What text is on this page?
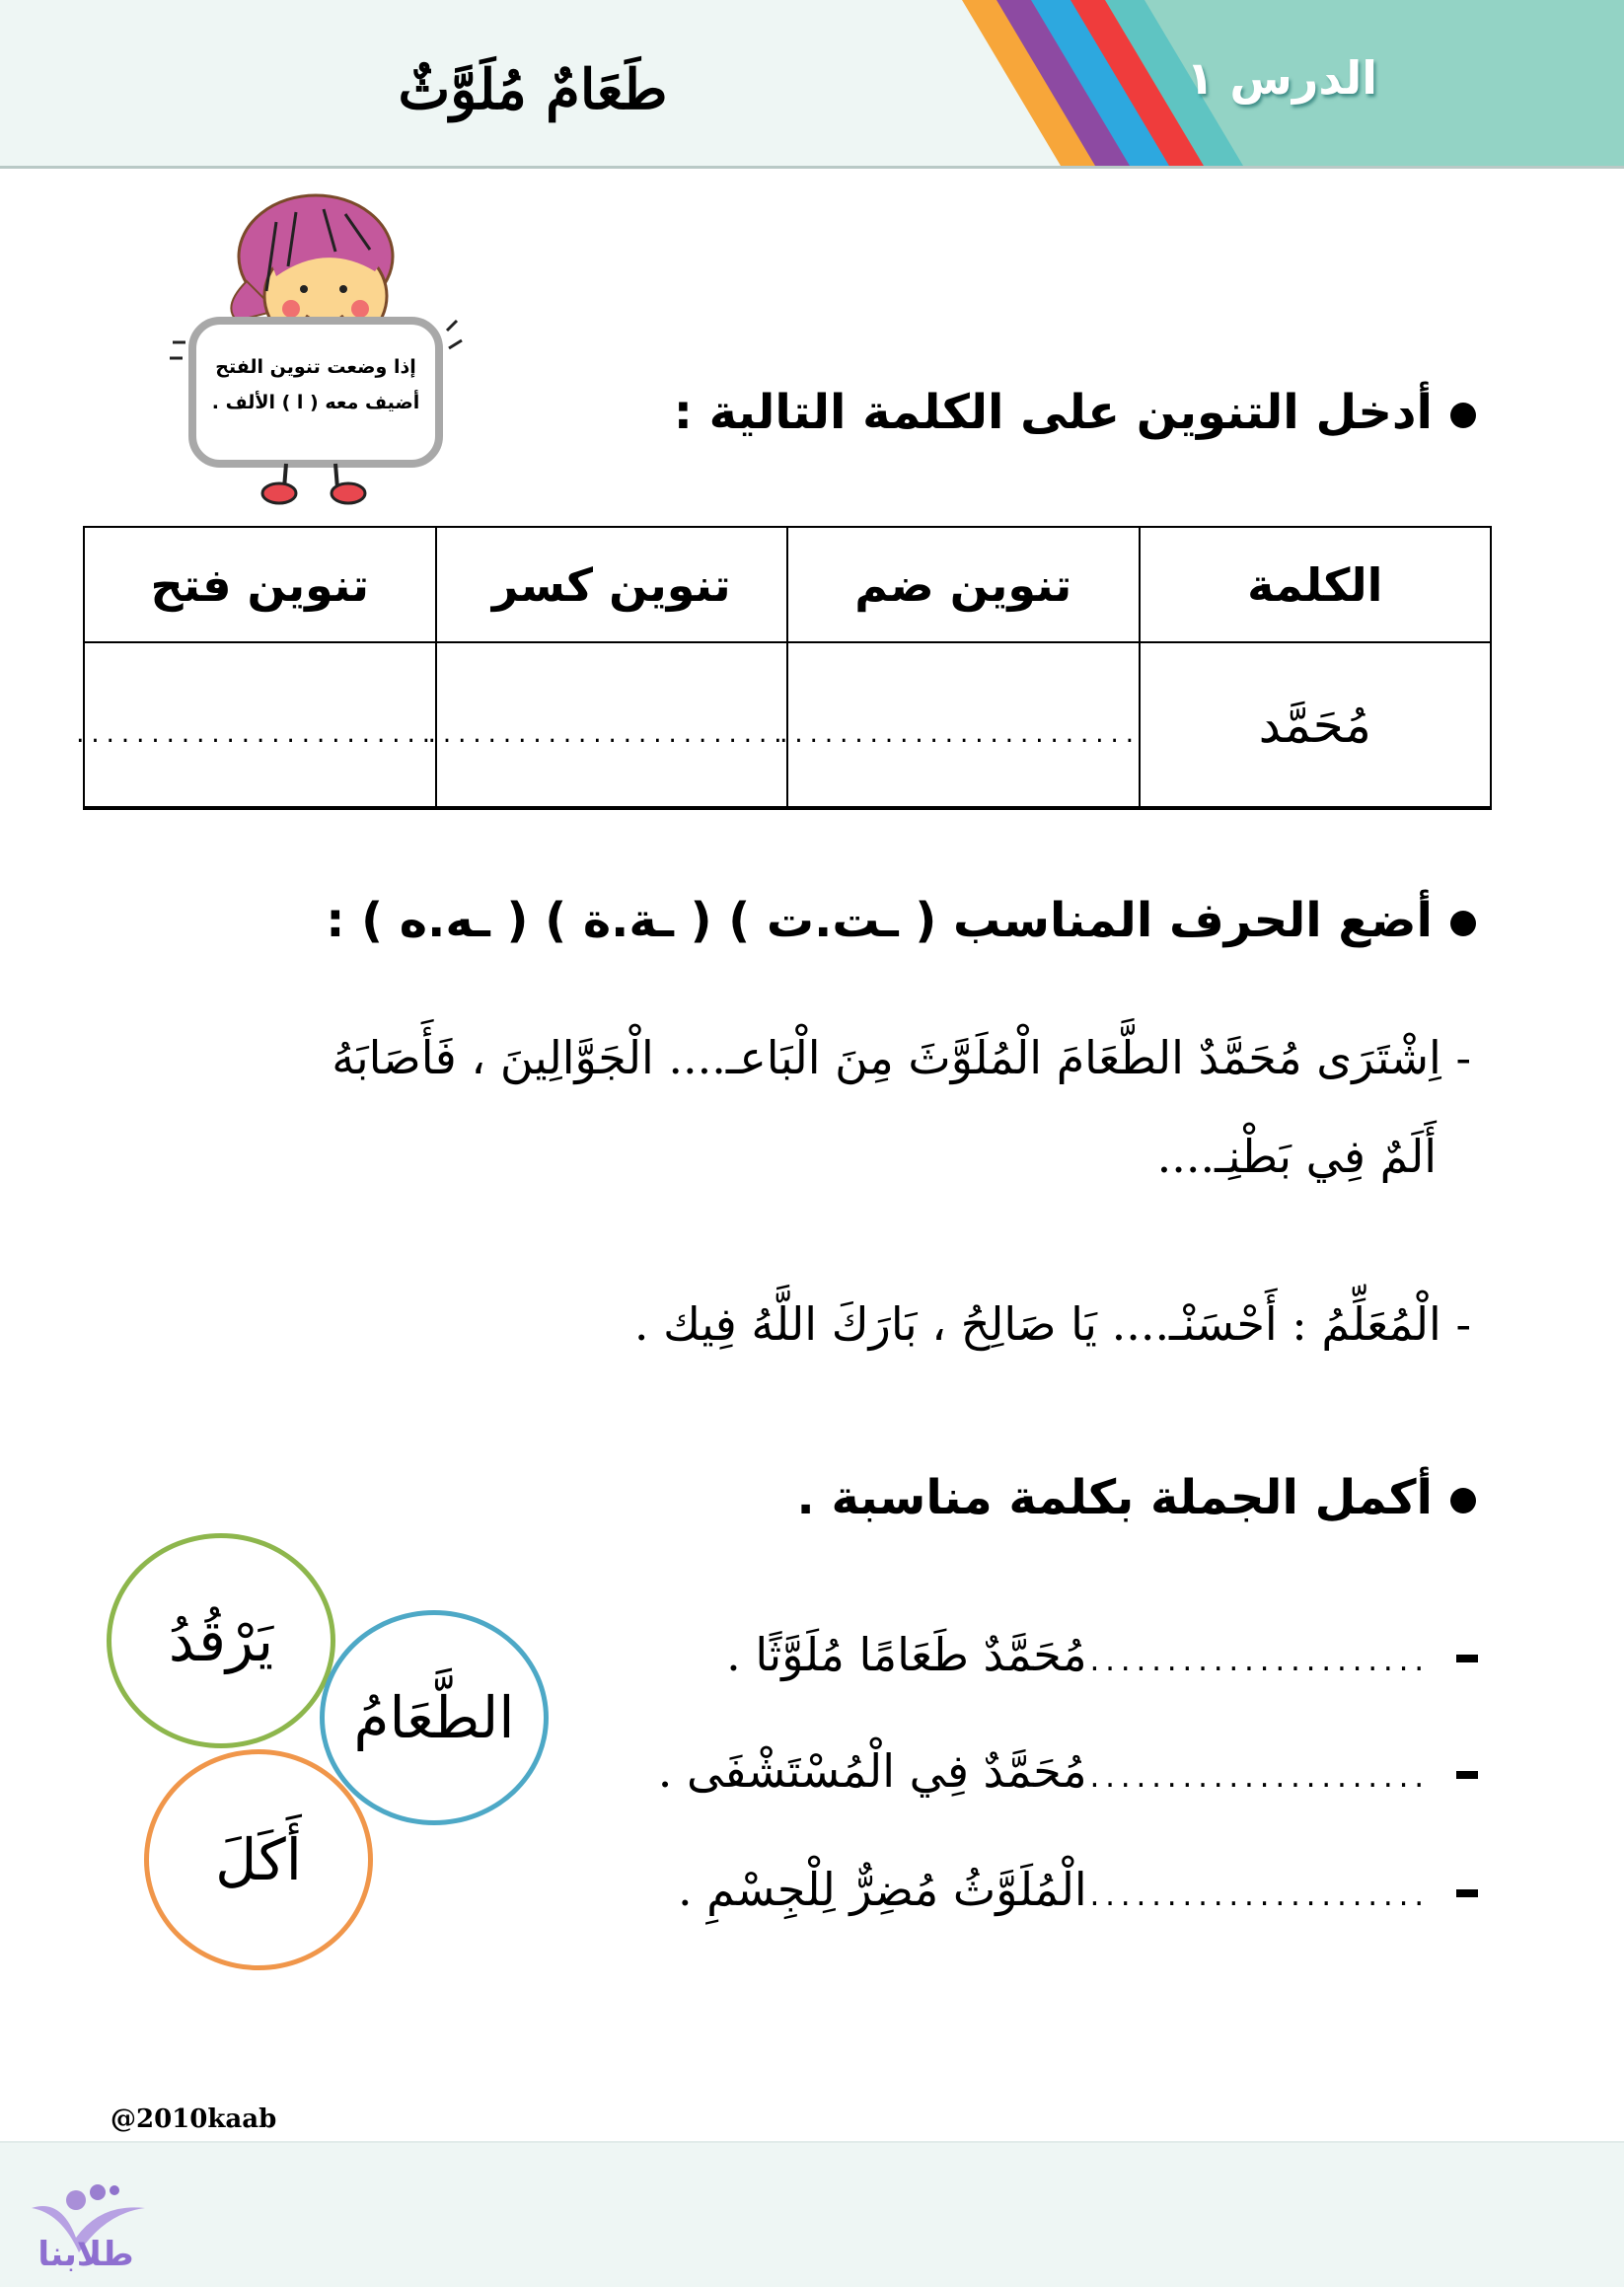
الدرس ١
طَعَامٌ مُلَوَّثٌ
إذا وضعت تنوين الفتح
أضيف معه ( ا ) الألف .	أدخل التنوين على الكلمة التالية :
الكلمة	تنوين ضم	تنوين كسر	تنوين فتح
مُحَمَّد	........................	........................	........................
أضع الحرف المناسب ( ـت.ت ) ( ـة.ة ) ( ـه.ه ) :
- اِشْتَرَى مُحَمَّدٌ الطَّعَامَ الْمُلَوَّثَ مِنَ الْبَاعـ.... الْجَوَّالِينَ ، فَأَصَابَهُ
أَلَمٌ فِي بَطْنِـ....
- الْمُعَلِّمُ : أَحْسَنْـ.... يَا صَالِحُ ، بَارَكَ اللَّهُ فِيك .
أكمل الجملة بكلمة مناسبة .
يَرْقُدُ
الطَّعَامُ
أَكَلَ
......................مُحَمَّدٌ طَعَامًا مُلَوَّثًا .
......................مُحَمَّدٌ فِي الْمُسْتَشْفَى .
......................الْمُلَوَّثُ مُضِرٌّ لِلْجِسْمِ .
@2010kaab
طلابنا
